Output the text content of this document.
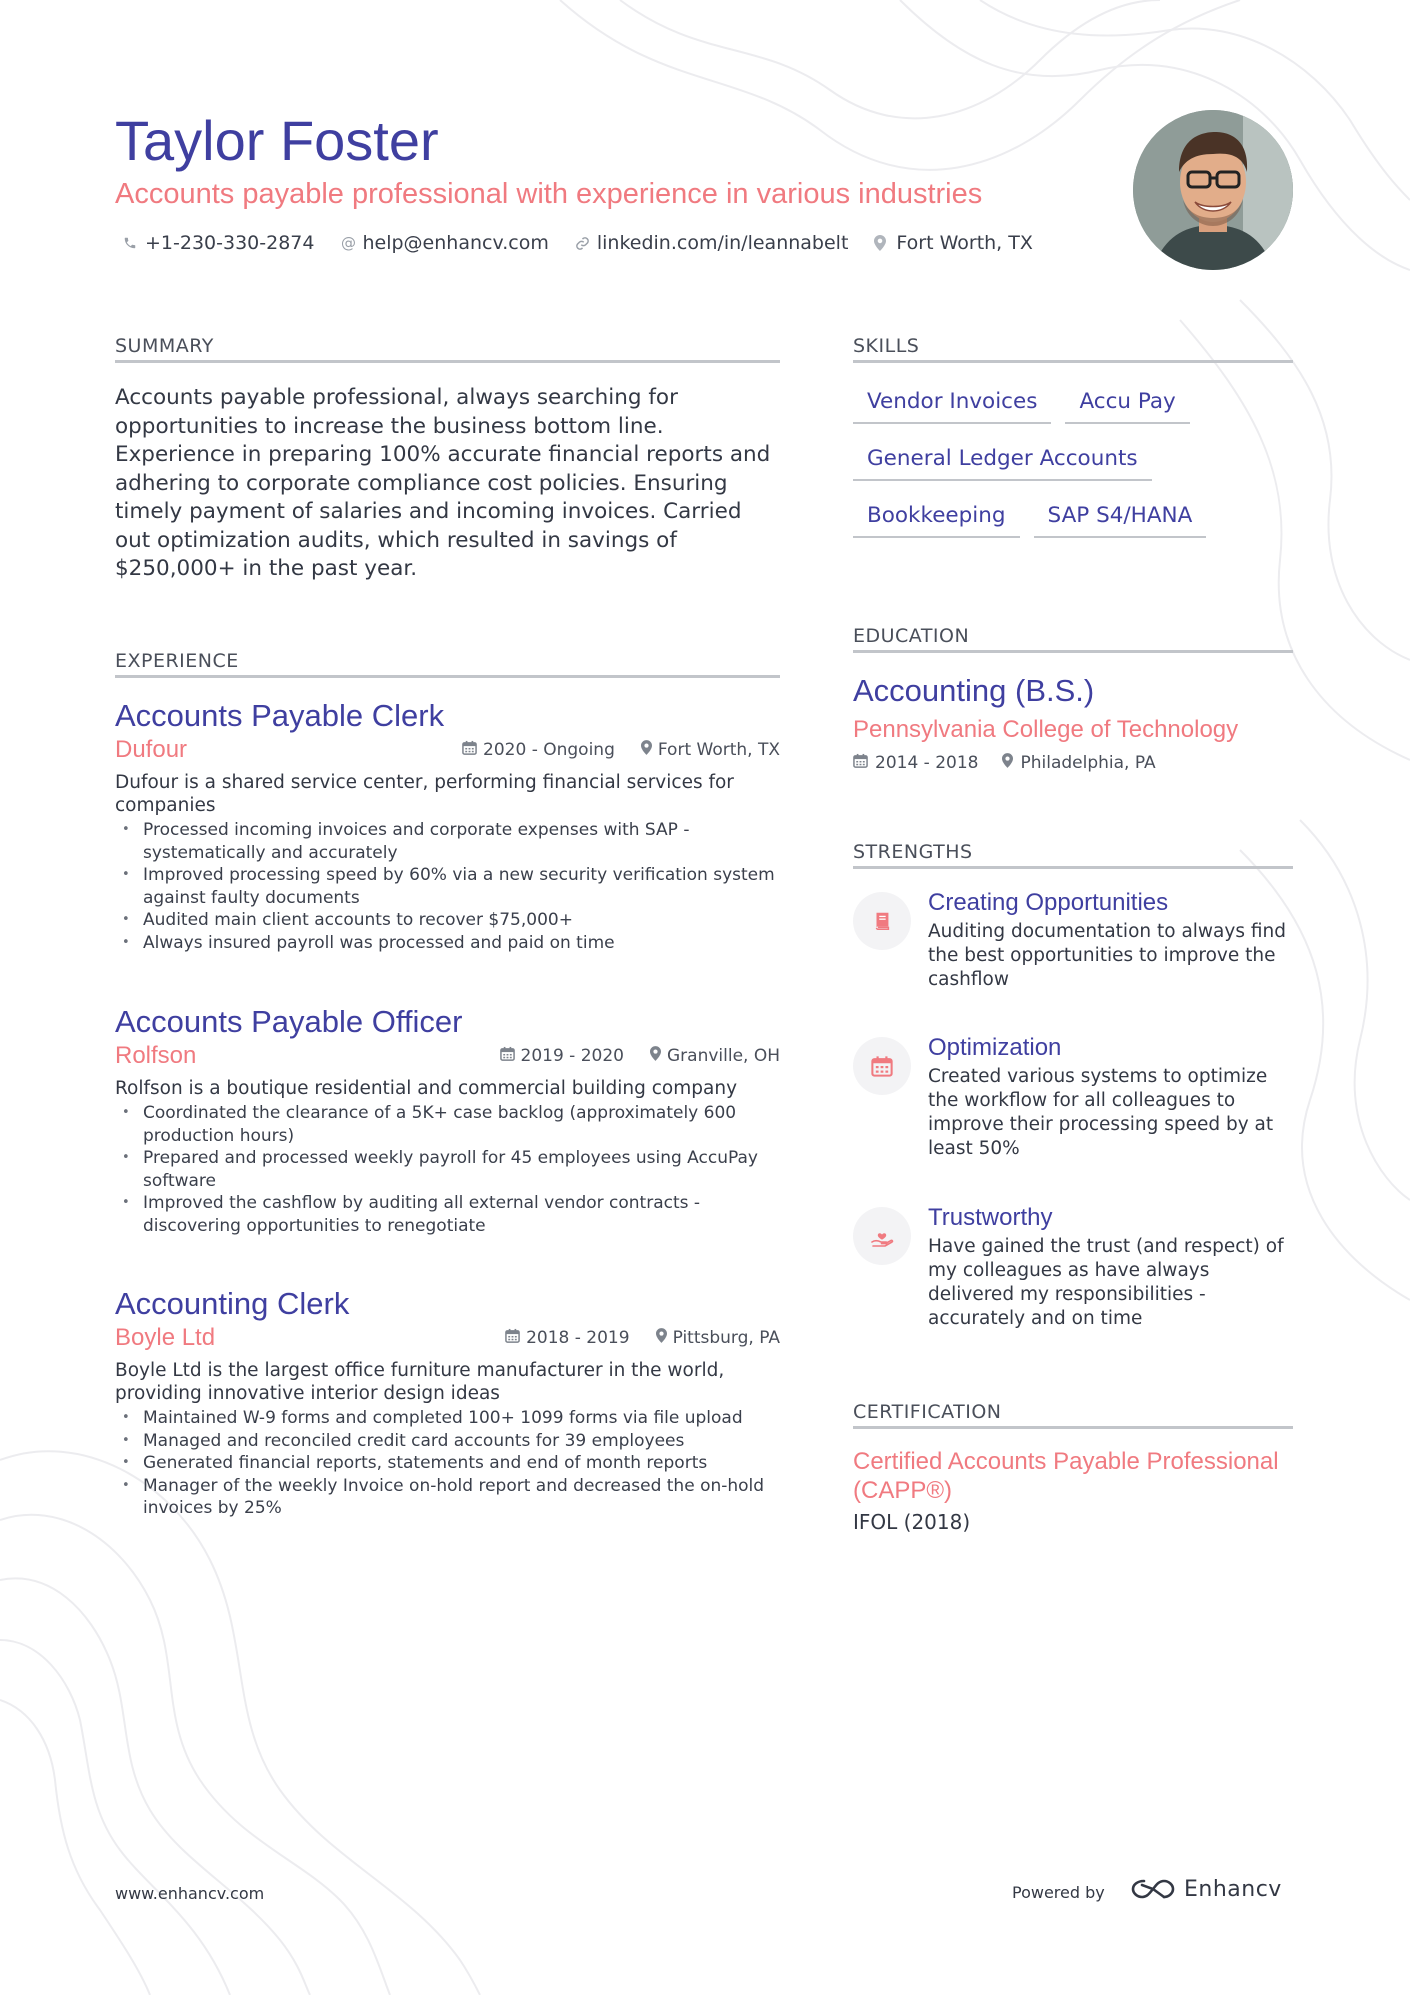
Taylor Foster

Accounts payable professional with experience in various industries

+1-230-330-2874 @ help@enhancv.com	linkedin.com/in/leannabelt	Fort Worth, TX
SUMMARY

Accounts payable professional, always searching for opportunities to increase the business bottom line. Experience in preparing 100% accurate financial reports and adhering to corporate compliance cost policies. Ensuring timely payment of salaries and incoming invoices. Carried out optimization audits, which resulted in savings of $250,000+ in the past year.

EXPERIENCE
Accounts Payable Clerk
Dufour	2020 - Ongoing	Fort Worth, TX

Dufour is a shared service center, performing financial services for companies

• Processed incoming invoices and corporate expenses with SAP - systematically and accurately
• Improved processing speed by 60% via a new security verification system against faulty documents
• Audited main client accounts to recover $75,000+
• Always insured payroll was processed and paid on time
Accounts Payable Officer
Rolfson	2019 - 2020	Granville, OH

Rolfson is a boutique residential and commercial building company

• Coordinated the clearance of a 5K+ case backlog (approximately 600 production hours)
• Prepared and processed weekly payroll for 45 employees using AccuPay software
• Improved the cashflow by auditing all external vendor contracts - discovering opportunities to renegotiate
Accounting Clerk
Boyle Ltd	2018 - 2019	Pittsburg, PA

Boyle Ltd is the largest office furniture manufacturer in the world, providing innovative interior design ideas

• Maintained W-9 forms and completed 100+ 1099 forms via file upload
• Managed and reconciled credit card accounts for 39 employees
• Generated financial reports, statements and end of month reports
• Manager of the weekly Invoice on-hold report and decreased the on-hold invoices by 25%
SKILLS
Vendor Invoices	Accu Pay
General Ledger Accounts
Bookkeeping	SAP S4/HANA
EDUCATION
Accounting (B.S.)

Pennsylvania College of Technology

2014 - 2018 Philadelphia, PA
STRENGTHS
Creating Opportunities

Auditing documentation to always find the best opportunities to improve the cashflow

Optimization

Created various systems to optimize the workflow for all colleagues to improve their processing speed by at least 50%

Trustworthy

Have gained the trust (and respect) of my colleagues as have always delivered my responsibilities - accurately and on time

CERTIFICATION
Certified Accounts Payable Professional (CAPP®)

IFOL (2018)

www.enhancv.com	Powered by	Enhancv
